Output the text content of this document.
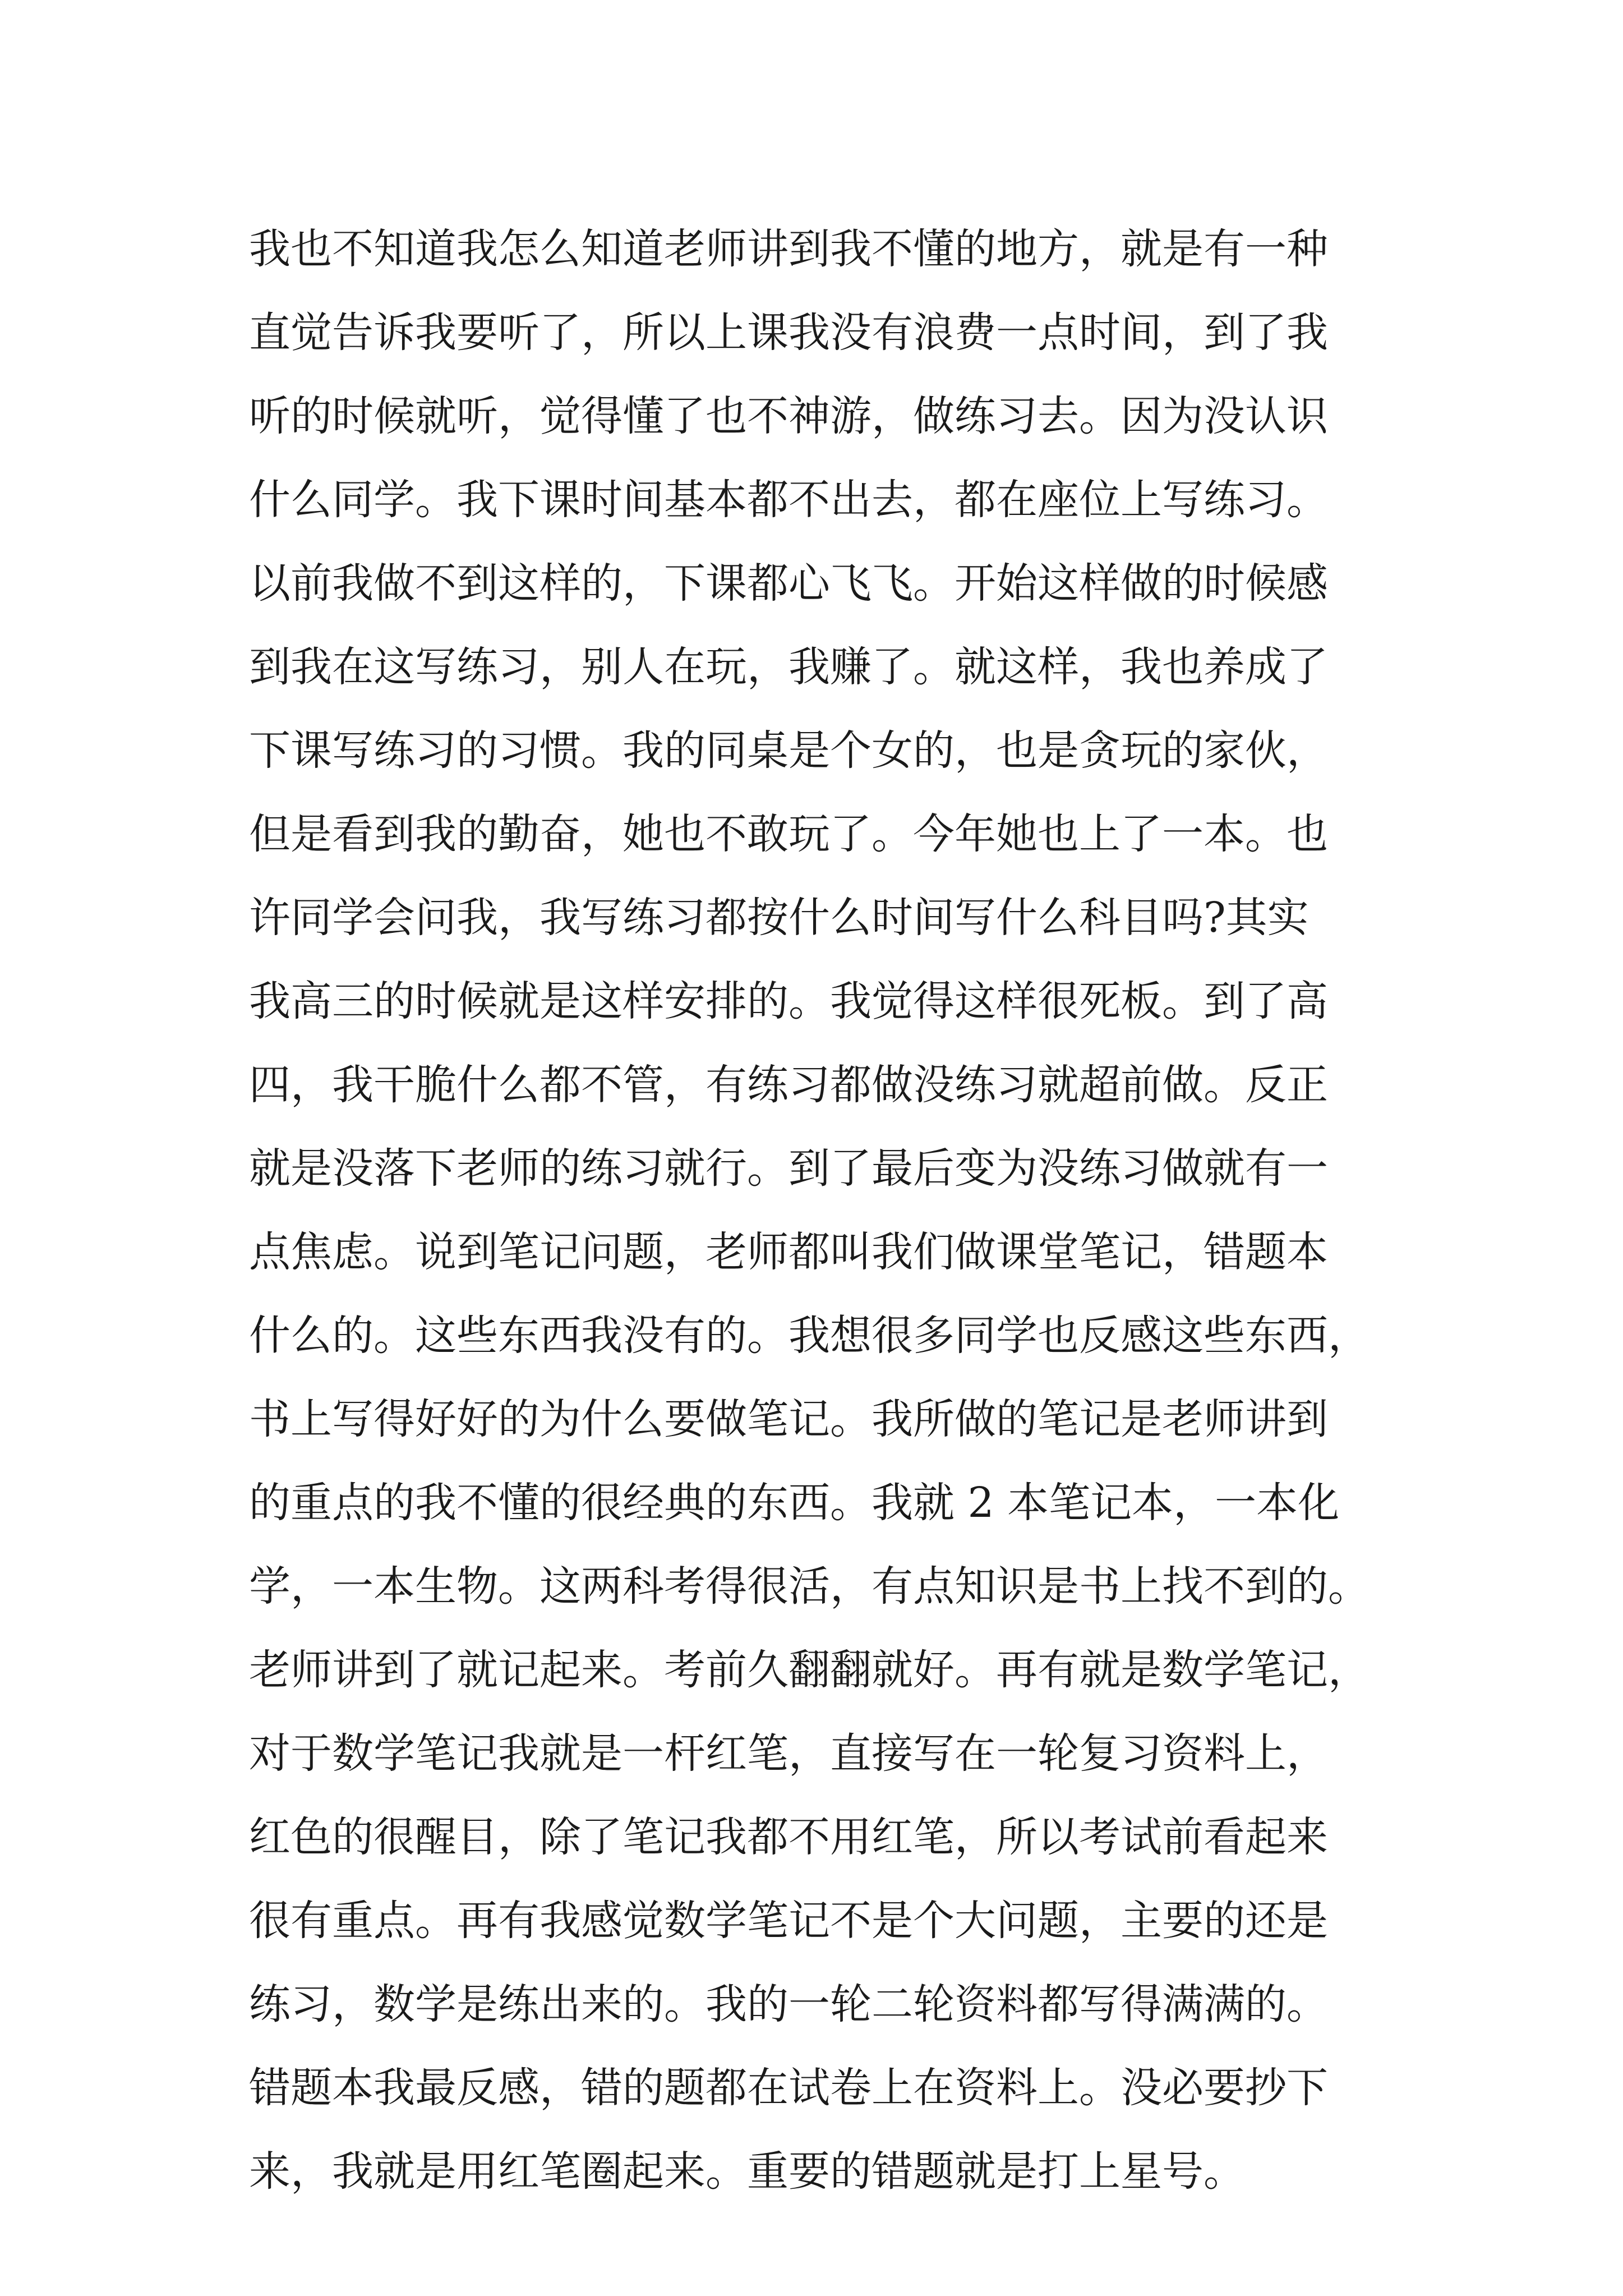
我也不知道我怎么知道老师讲到我不懂的地方，就是有一种
直觉告诉我要听了，所以上课我没有浪费一点时间，到了我
听的时候就听，觉得懂了也不神游，做练习去。因为没认识
什么同学。我下课时间基本都不出去，都在座位上写练习。
以前我做不到这样的，下课都心飞飞。开始这样做的时候感
到我在这写练习，别人在玩，我赚了。就这样，我也养成了
下课写练习的习惯。我的同桌是个女的，也是贪玩的家伙，
但是看到我的勤奋，她也不敢玩了。今年她也上了一本。也
许同学会问我，我写练习都按什么时间写什么科目吗?其实
我高三的时候就是这样安排的。我觉得这样很死板。到了高
四，我干脆什么都不管，有练习都做没练习就超前做。反正
就是没落下老师的练习就行。到了最后变为没练习做就有一
点焦虑。说到笔记问题，老师都叫我们做课堂笔记，错题本
什么的。这些东西我没有的。我想很多同学也反感这些东西，
书上写得好好的为什么要做笔记。我所做的笔记是老师讲到
的重点的我不懂的很经典的东西。我就 2 本笔记本，一本化
学，一本生物。这两科考得很活，有点知识是书上找不到的。
老师讲到了就记起来。考前久翻翻就好。再有就是数学笔记，
对于数学笔记我就是一杆红笔，直接写在一轮复习资料上，
红色的很醒目，除了笔记我都不用红笔，所以考试前看起来
很有重点。再有我感觉数学笔记不是个大问题，主要的还是
练习，数学是练出来的。我的一轮二轮资料都写得满满的。
错题本我最反感，错的题都在试卷上在资料上。没必要抄下
来，我就是用红笔圈起来。重要的错题就是打上星号。
